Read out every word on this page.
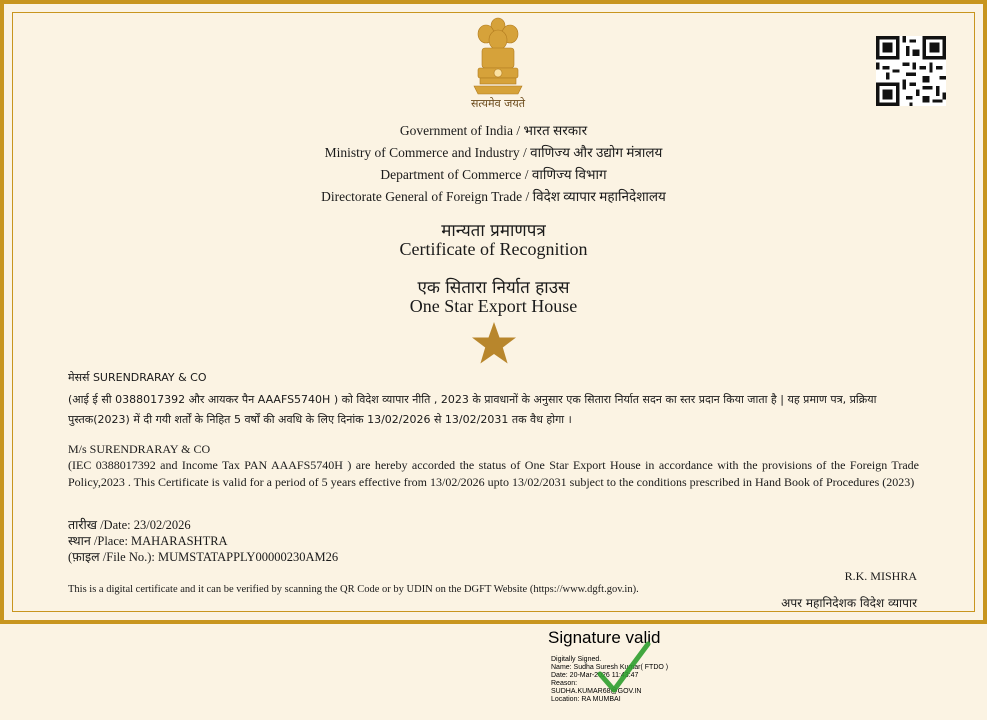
सत्यमेव जयते
Government of India / भारत सरकार
Ministry of Commerce and Industry / वाणिज्य और उद्योग मंत्रालय
Department of Commerce / वाणिज्य विभाग
Directorate General of Foreign Trade / विदेश व्यापार महानिदेशालय
मान्यता प्रमाणपत्र
Certificate of Recognition
एक सितारा निर्यात हाउस
One Star Export House
मेसर्स SURENDRARAY & CO
(आई ई सी 0388017392 और आयकर पैन AAAFS5740H ) को विदेश व्यापार नीति , 2023 के प्रावधानों के अनुसार एक सितारा निर्यात सदन का स्तर प्रदान किया जाता है | यह प्रमाण पत्र, प्रक्रिया पुस्तक(2023) में दी गयी शर्तों के निहित 5 वर्षों की अवधि के लिए दिनांक 13/02/2026 से 13/02/2031 तक वैध होगा ।
M/s SURENDRARAY & CO
(IEC 0388017392 and Income Tax PAN AAAFS5740H ) are hereby accorded the status of One Star Export House in accordance with the provisions of the Foreign Trade Policy,2023 . This Certificate is valid for a period of 5 years effective from 13/02/2026 upto 13/02/2031 subject to the conditions prescribed in Hand Book of Procedures (2023)
तारीख /Date: 23/02/2026
स्थान /Place: MAHARASHTRA
(फ़ाइल /File No.): MUMSTATAPPLY00000230AM26
This is a digital certificate and it can be verified by scanning the QR Code or by UDIN on the DGFT Website (https://www.dgft.gov.in).
R.K. MISHRA
अपर महानिदेशक विदेश व्यापार
Signature valid
Digitally Signed.
Name: Sudha Suresh Kumar( FTDO )
Date: 20-Mar-2026 11:43:47
Reason:
SUDHA.KUMAR68@GOV.IN
Location: RA MUMBAI
